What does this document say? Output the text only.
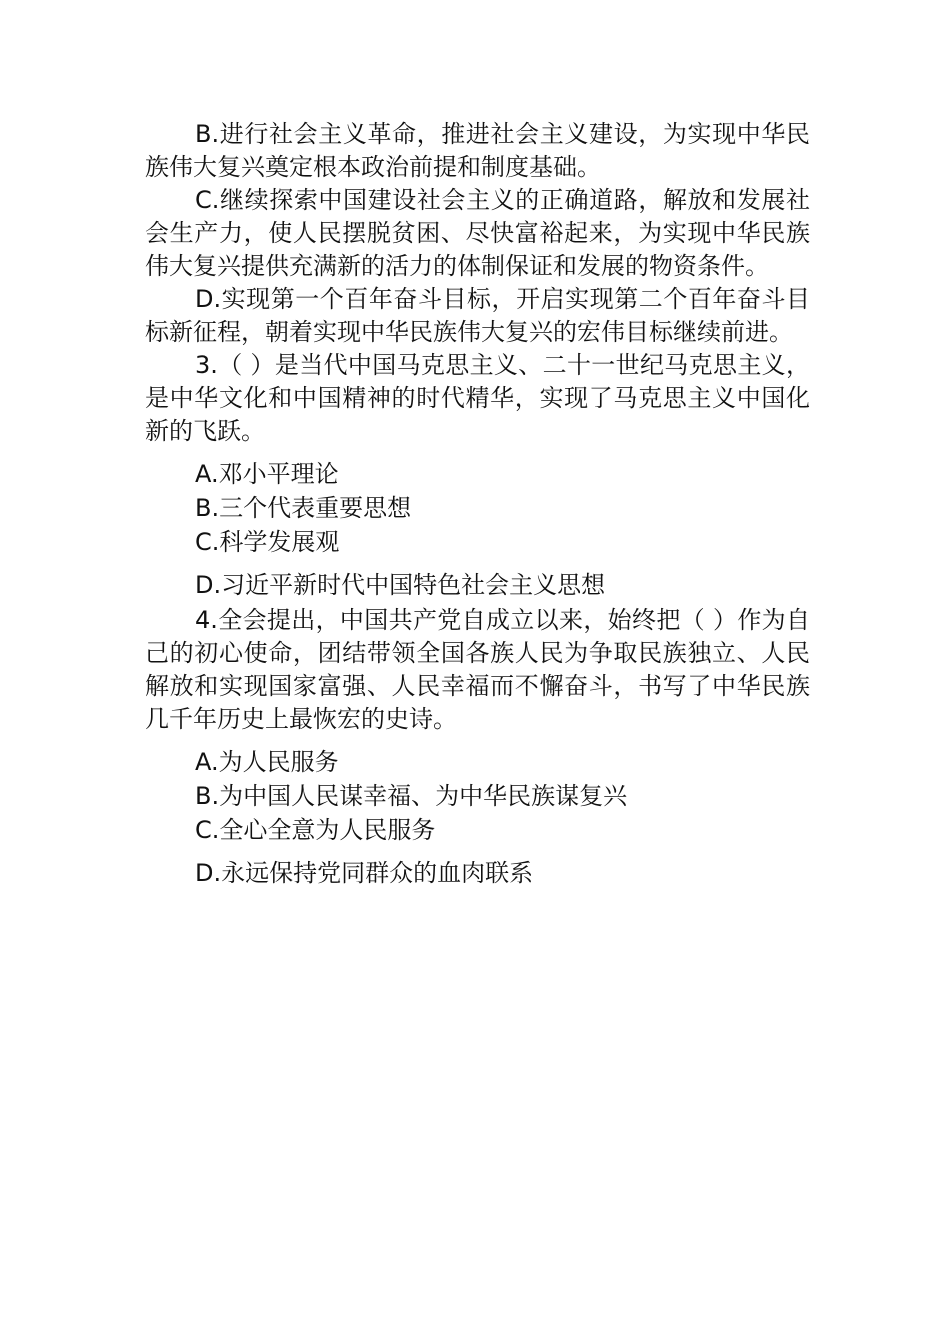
B.进行社会主义革命，推进社会主义建设，为实现中华民族伟大复兴奠定根本政治前提和制度基础。

C.继续探索中国建设社会主义的正确道路，解放和发展社会生产力，使人民摆脱贫困、尽快富裕起来，为实现中华民族伟大复兴提供充满新的活力的体制保证和发展的物资条件。

D.实现第一个百年奋斗目标，开启实现第二个百年奋斗目标新征程，朝着实现中华民族伟大复兴的宏伟目标继续前进。

3.（ ）是当代中国马克思主义、二十一世纪马克思主义，是中华文化和中国精神的时代精华，实现了马克思主义中国化新的飞跃。

A.邓小平理论

B.三个代表重要思想

C.科学发展观

D.习近平新时代中国特色社会主义思想

4.全会提出，中国共产党自成立以来，始终把（ ）作为自己的初心使命，团结带领全国各族人民为争取民族独立、人民解放和实现国家富强、人民幸福而不懈奋斗，书写了中华民族几千年历史上最恢宏的史诗。

A.为人民服务

B.为中国人民谋幸福、为中华民族谋复兴

C.全心全意为人民服务

D.永远保持党同群众的血肉联系
